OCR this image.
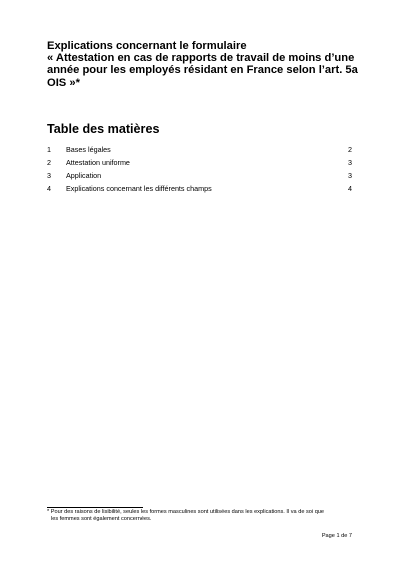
Explications concernant le formulaire
« Attestation en cas de rapports de travail de moins d’une
année pour les employés résidant en France selon l’art. 5a
OIS »*
Table des matières
1 Bases légales	2
2 Attestation uniforme	3
3 Application	3
4 Explications concernant les différents champs	4
* Pour des raisons de lisibilité, seules les formes masculines sont utilisées dans les explications. Il va de soi que
les femmes sont également concernées.
Page 1 de 7
